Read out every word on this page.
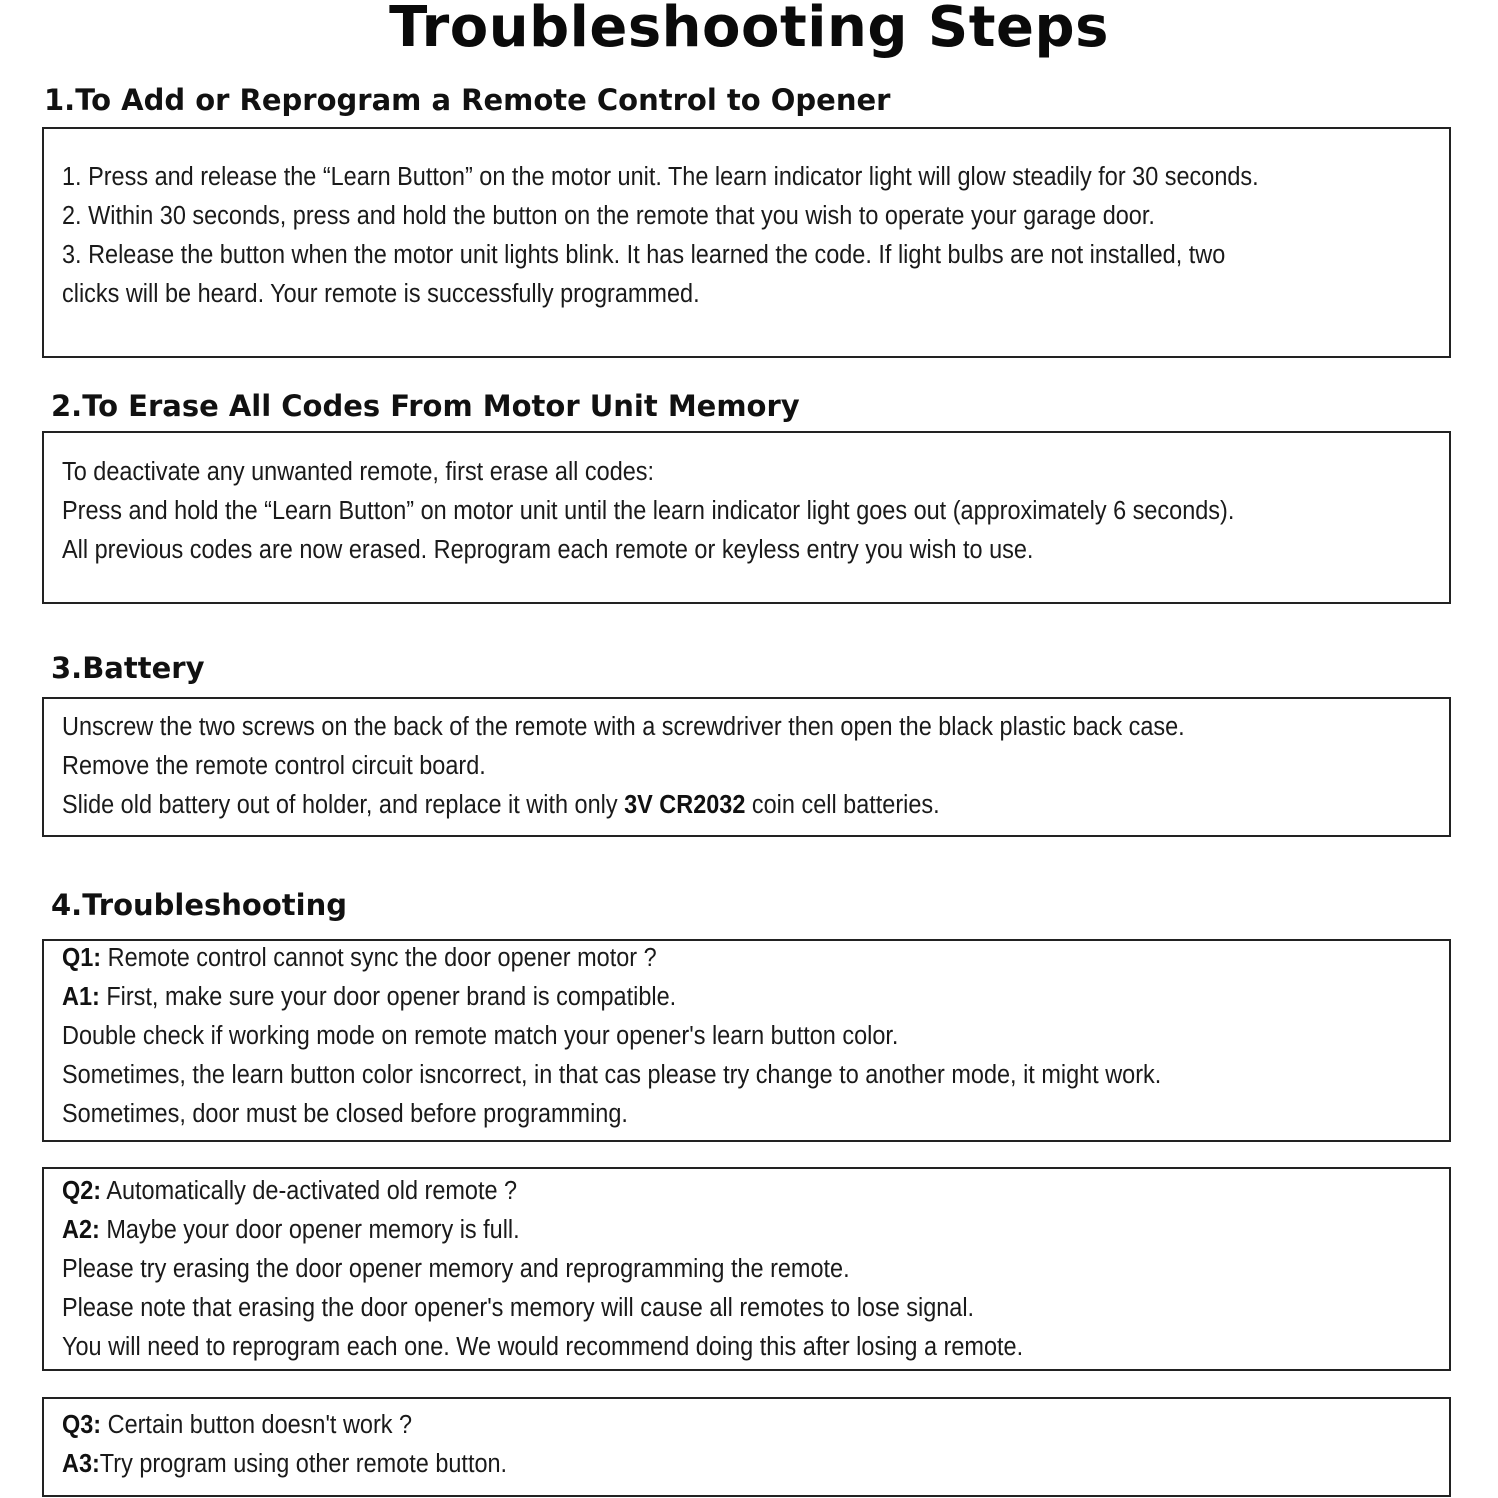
Troubleshooting Steps
1.To Add or Reprogram a Remote Control to Opener
1. Press and release the “Learn Button” on the motor unit. The learn indicator light will glow steadily for 30 seconds.
2. Within 30 seconds, press and hold the button on the remote that you wish to operate your garage door.
3. Release the button when the motor unit lights blink. It has learned the code. If light bulbs are not installed, two
clicks will be heard. Your remote is successfully programmed.
2.To Erase All Codes From Motor Unit Memory
To deactivate any unwanted remote, first erase all codes:
Press and hold the “Learn Button” on motor unit until the learn indicator light goes out (approximately 6 seconds).
All previous codes are now erased. Reprogram each remote or keyless entry you wish to use.
3.Battery
Unscrew the two screws on the back of the remote with a screwdriver then open the black plastic back case.
Remove the remote control circuit board.
Slide old battery out of holder, and replace it with only 3V CR2032 coin cell batteries.
4.Troubleshooting
Q1: Remote control cannot sync the door opener motor ?
A1: First, make sure your door opener brand is compatible.
Double check if working mode on remote match your opener's learn button color.
Sometimes, the learn button color isncorrect, in that cas please try change to another mode, it might work.
Sometimes, door must be closed before programming.
Q2: Automatically de-activated old remote ?
A2: Maybe your door opener memory is full.
Please try erasing the door opener memory and reprogramming the remote.
Please note that erasing the door opener's memory will cause all remotes to lose signal.
You will need to reprogram each one. We would recommend doing this after losing a remote.
Q3: Certain button doesn't work ?
A3:Try program using other remote button.
